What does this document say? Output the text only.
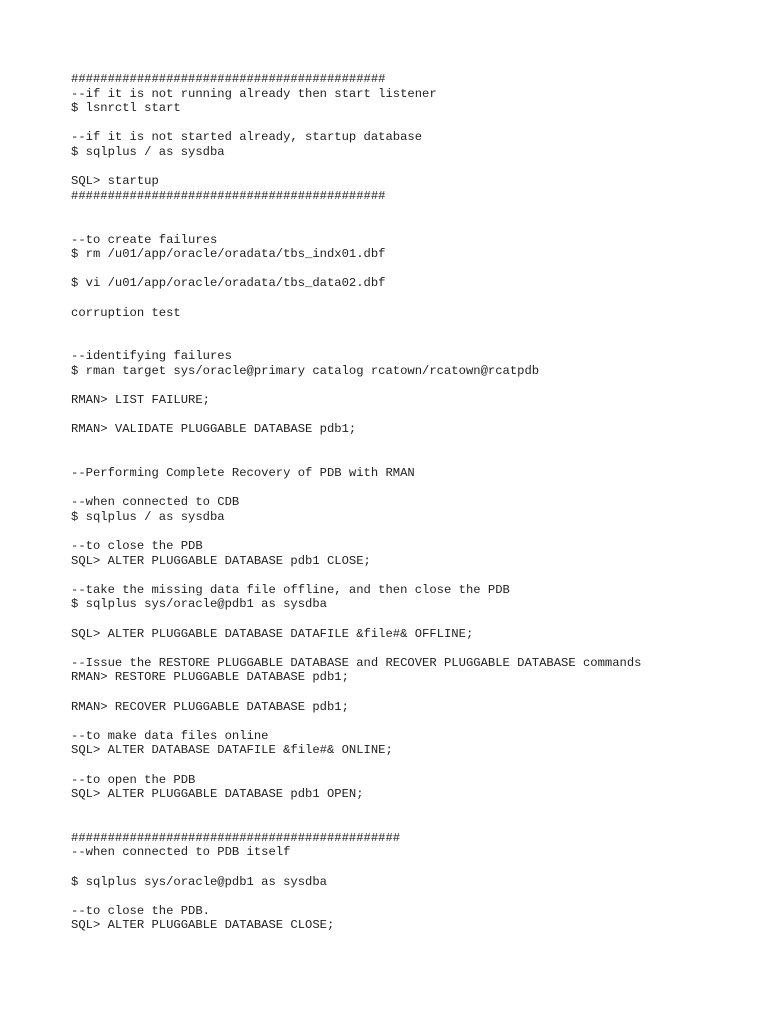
###########################################
--if it is not running already then start listener
$ lsnrctl start
--if it is not started already, startup database
$ sqlplus / as sysdba
SQL> startup
###########################################
--to create failures
$ rm /u01/app/oracle/oradata/tbs_indx01.dbf
$ vi /u01/app/oracle/oradata/tbs_data02.dbf
corruption test
--identifying failures
$ rman target sys/oracle@primary catalog rcatown/rcatown@rcatpdb
RMAN> LIST FAILURE;
RMAN> VALIDATE PLUGGABLE DATABASE pdb1;
--Performing Complete Recovery of PDB with RMAN
--when connected to CDB
$ sqlplus / as sysdba
--to close the PDB
SQL> ALTER PLUGGABLE DATABASE pdb1 CLOSE;
--take the missing data file offline, and then close the PDB
$ sqlplus sys/oracle@pdb1 as sysdba
SQL> ALTER PLUGGABLE DATABASE DATAFILE &file#& OFFLINE;
--Issue the RESTORE PLUGGABLE DATABASE and RECOVER PLUGGABLE DATABASE commands
RMAN> RESTORE PLUGGABLE DATABASE pdb1;
RMAN> RECOVER PLUGGABLE DATABASE pdb1;
--to make data files online
SQL> ALTER DATABASE DATAFILE &file#& ONLINE;
--to open the PDB
SQL> ALTER PLUGGABLE DATABASE pdb1 OPEN;
#############################################
--when connected to PDB itself
$ sqlplus sys/oracle@pdb1 as sysdba
--to close the PDB.
SQL> ALTER PLUGGABLE DATABASE CLOSE;
